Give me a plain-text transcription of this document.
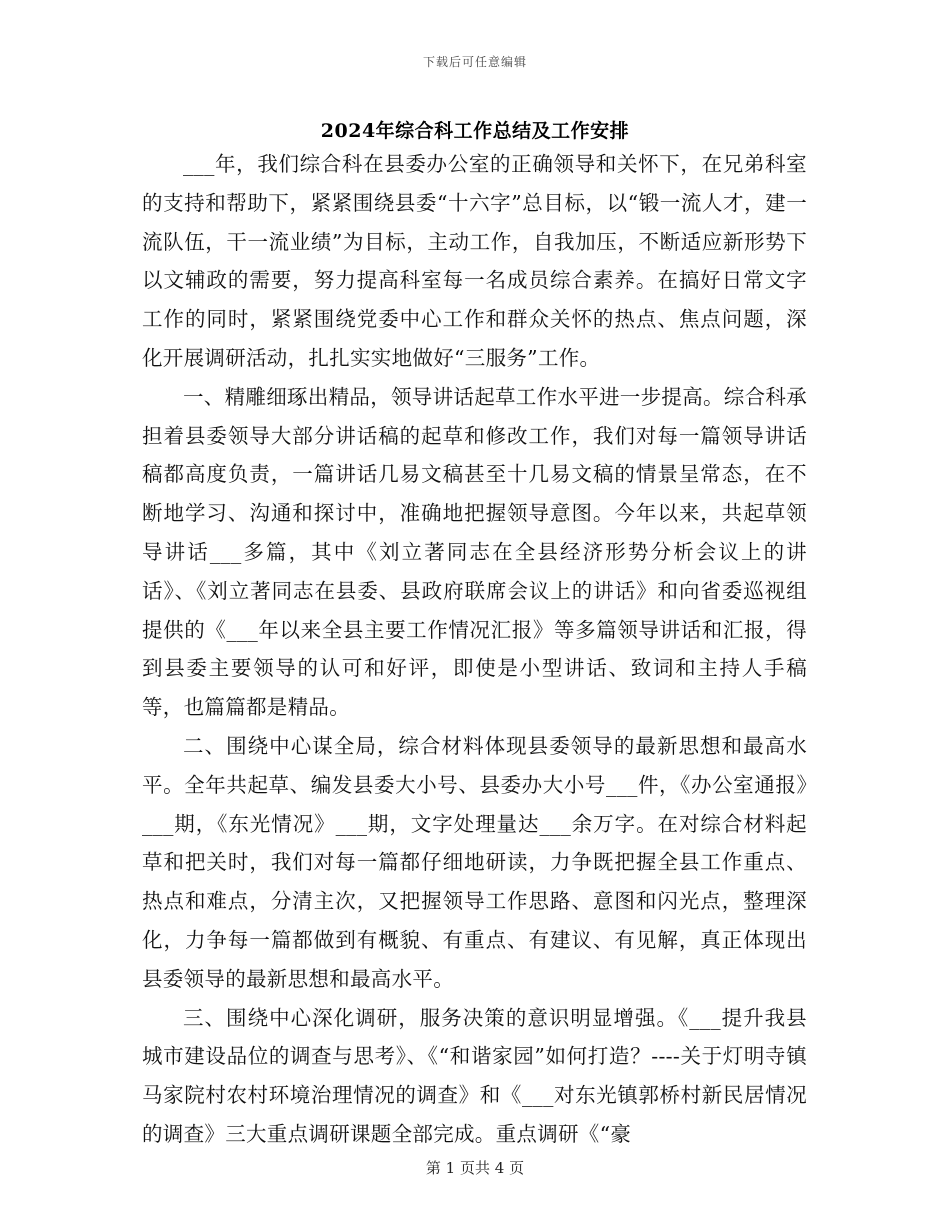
下载后可任意编辑
2024年综合科工作总结及工作安排

___年，我们综合科在县委办公室的正确领导和关怀下，在兄弟科室的支持和帮助下，紧紧围绕县委“十六字”总目标，以“锻一流人才，建一流队伍，干一流业绩”为目标，主动工作，自我加压，不断适应新形势下以文辅政的需要，努力提高科室每一名成员综合素养。在搞好日常文字工作的同时，紧紧围绕党委中心工作和群众关怀的热点、焦点问题，深化开展调研活动，扎扎实实地做好“三服务”工作。

一、精雕细琢出精品，领导讲话起草工作水平进一步提高。综合科承担着县委领导大部分讲话稿的起草和修改工作，我们对每一篇领导讲话稿都高度负责，一篇讲话几易文稿甚至十几易文稿的情景呈常态，在不断地学习、沟通和探讨中，准确地把握领导意图。今年以来，共起草领导讲话___多篇，其中《刘立著同志在全县经济形势分析会议上的讲话》、《刘立著同志在县委、县政府联席会议上的讲话》和向省委巡视组提供的《___年以来全县主要工作情况汇报》等多篇领导讲话和汇报，得到县委主要领导的认可和好评，即使是小型讲话、致词和主持人手稿等，也篇篇都是精品。

二、围绕中心谋全局，综合材料体现县委领导的最新思想和最高水平。全年共起草、编发县委大小号、县委办大小号___件，《办公室通报》___期，《东光情况》___期，文字处理量达___余万字。在对综合材料起草和把关时，我们对每一篇都仔细地研读，力争既把握全县工作重点、热点和难点，分清主次，又把握领导工作思路、意图和闪光点，整理深化，力争每一篇都做到有概貌、有重点、有建议、有见解，真正体现出县委领导的最新思想和最高水平。

三、围绕中心深化调研，服务决策的意识明显增强。《___提升我县城市建设品位的调查与思考》、《“和谐家园”如何打造？----关于灯明寺镇马家院村农村环境治理情况的调查》和《___对东光镇郭桥村新民居情况的调查》三大重点调研课题全部完成。重点调研《“豪

第 1 页共 4 页
